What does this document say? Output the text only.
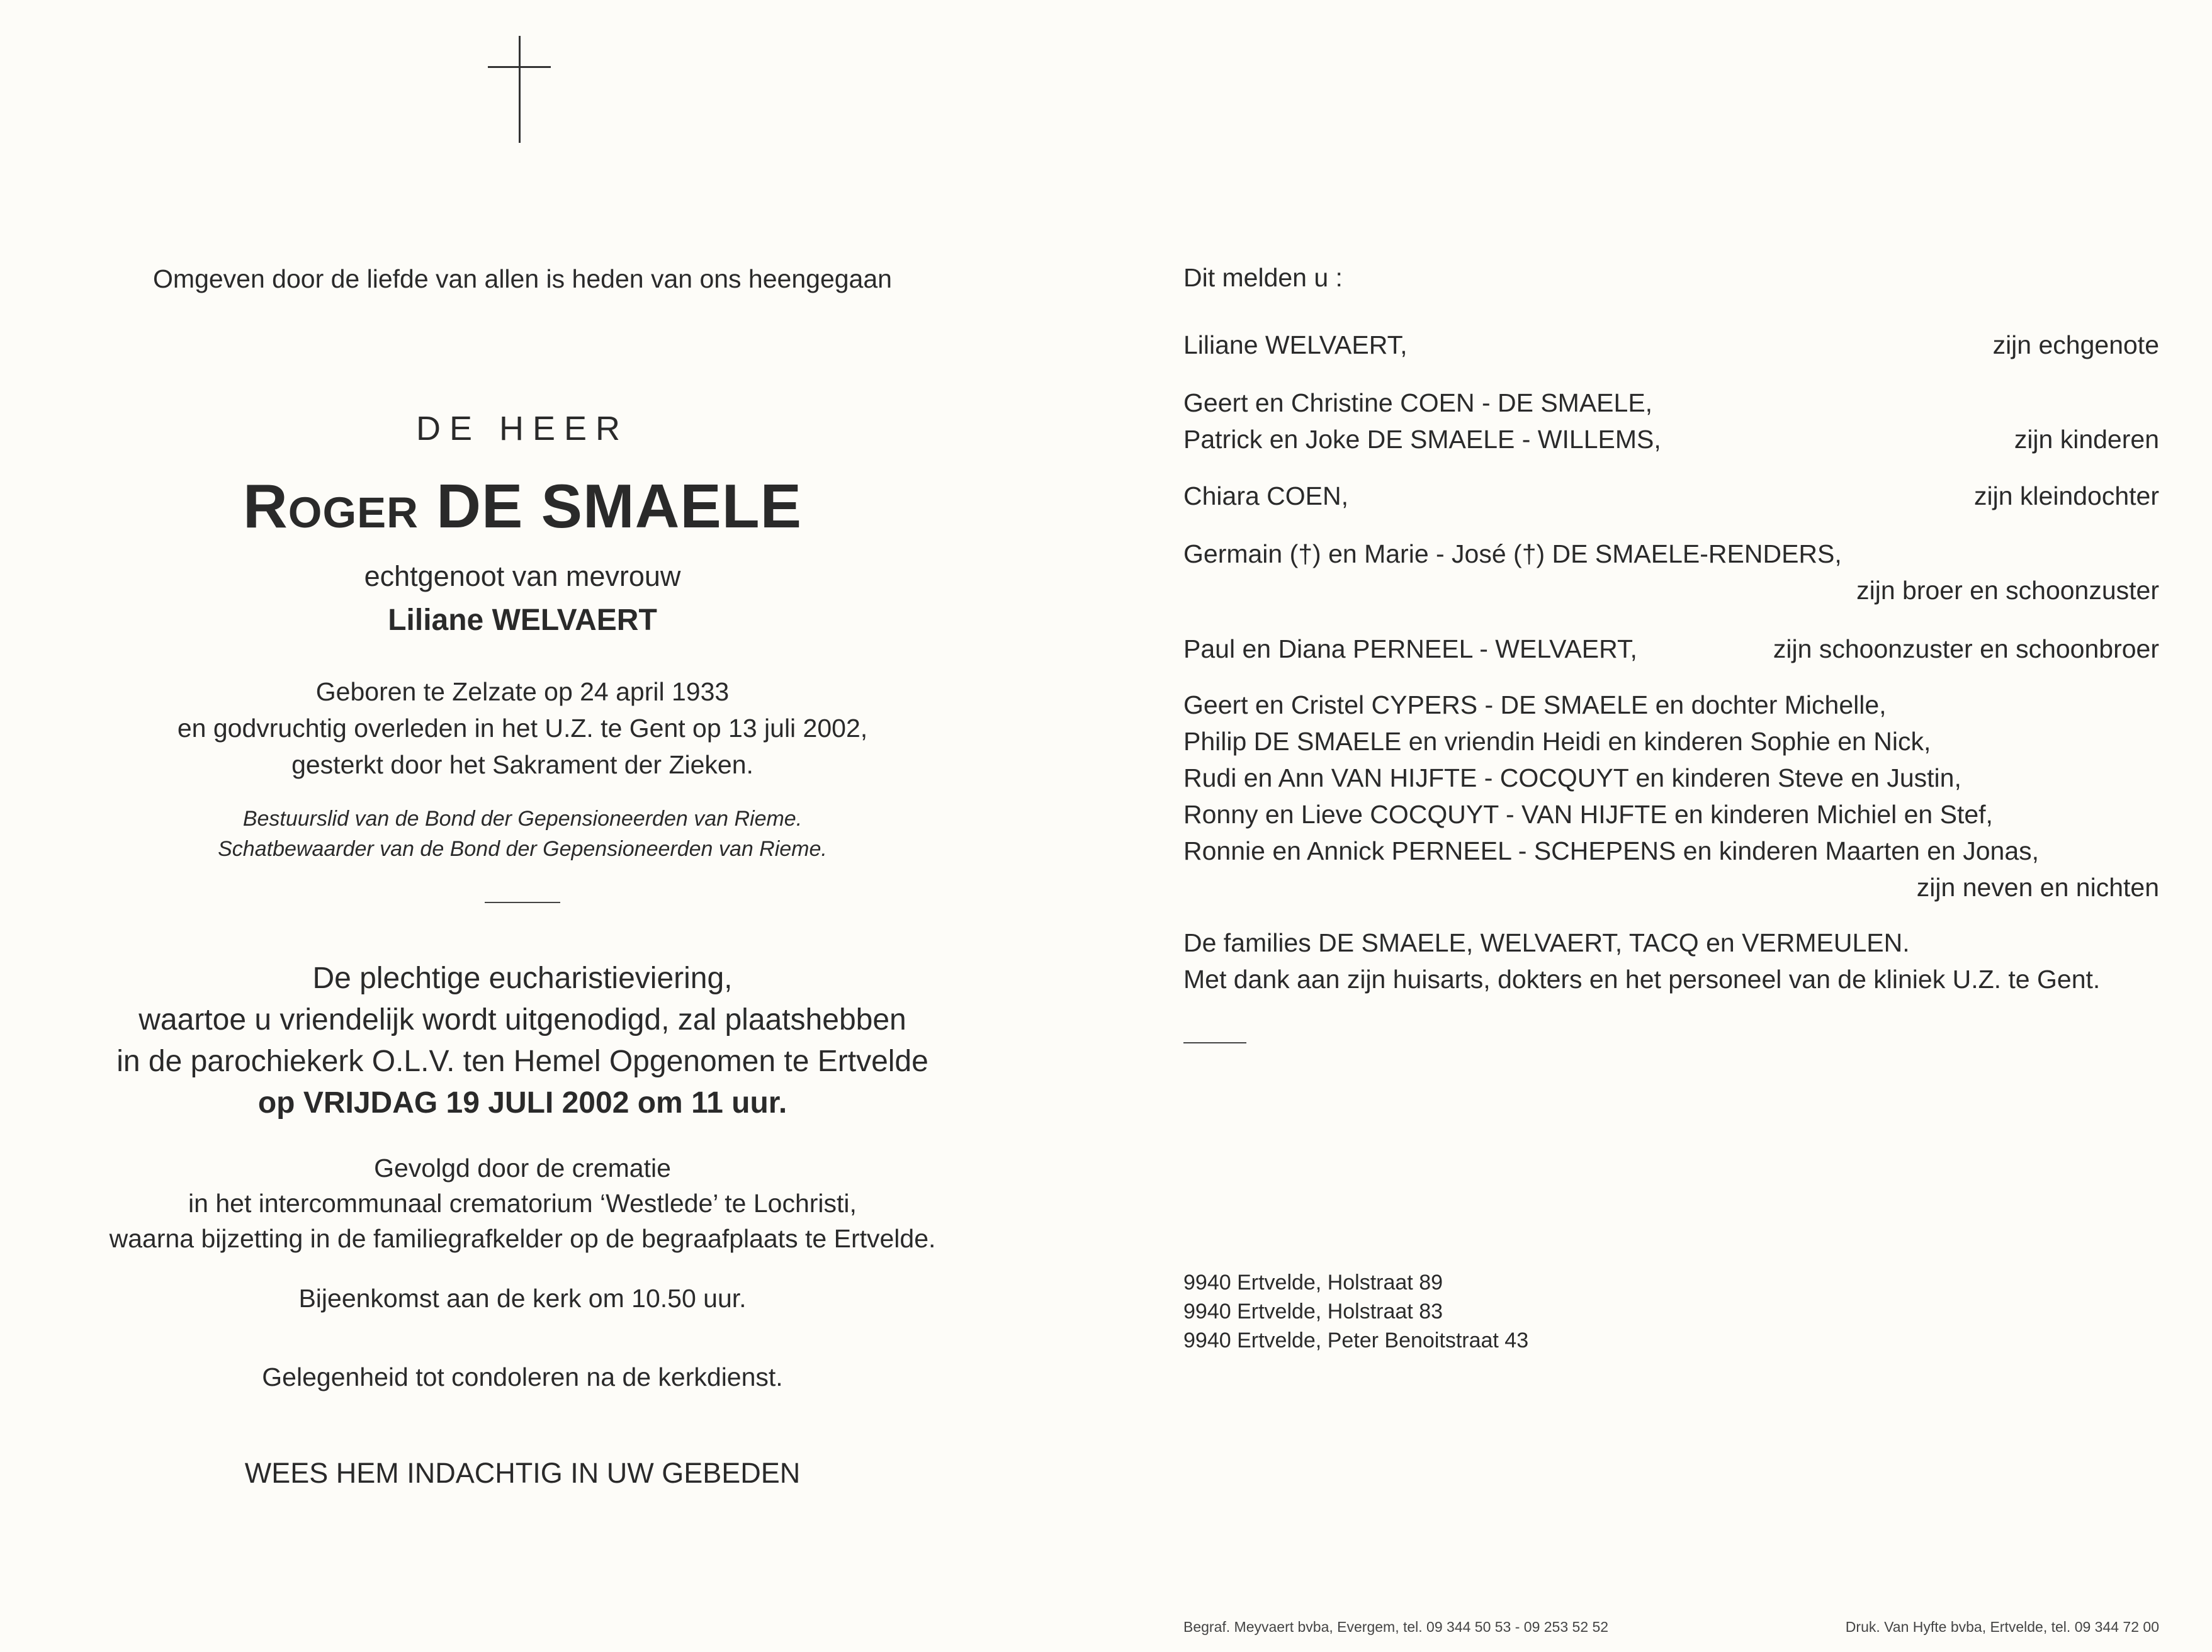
Omgeven door de liefde van allen is heden van ons heengegaan
DE HEER
Roger DE SMAELE
echtgenoot van mevrouw
Liliane WELVAERT
Geboren te Zelzate op 24 april 1933
en godvruchtig overleden in het U.Z. te Gent op 13 juli 2002,
gesterkt door het Sakrament der Zieken.
Bestuurslid van de Bond der Gepensioneerden van Rieme.
Schatbewaarder van de Bond der Gepensioneerden van Rieme.
De plechtige eucharistieviering,
waartoe u vriendelijk wordt uitgenodigd, zal plaatshebben
in de parochiekerk O.L.V. ten Hemel Opgenomen te Ertvelde
op VRIJDAG 19 JULI 2002 om 11 uur.
Gevolgd door de crematie
in het intercommunaal crematorium ‘Westlede’ te Lochristi,
waarna bijzetting in de familiegrafkelder op de begraafplaats te Ertvelde.
Bijeenkomst aan de kerk om 10.50 uur.
Gelegenheid tot condoleren na de kerkdienst.
WEES HEM INDACHTIG IN UW GEBEDEN
Dit melden u :
Liliane WELVAERT,	zijn echgenote
Geert en Christine COEN - DE SMAELE,
Patrick en Joke DE SMAELE - WILLEMS,	zijn kinderen
Chiara COEN,	zijn kleindochter
Germain (†) en Marie - José (†) DE SMAELE-RENDERS,
zijn broer en schoonzuster
Paul en Diana PERNEEL - WELVAERT,	zijn schoonzuster en schoonbroer
Geert en Cristel CYPERS - DE SMAELE en dochter Michelle,
Philip DE SMAELE en vriendin Heidi en kinderen Sophie en Nick,
Rudi en Ann VAN HIJFTE - COCQUYT en kinderen Steve en Justin,
Ronny en Lieve COCQUYT - VAN HIJFTE en kinderen Michiel en Stef,
Ronnie en Annick PERNEEL - SCHEPENS en kinderen Maarten en Jonas,
zijn neven en nichten
De families DE SMAELE, WELVAERT, TACQ en VERMEULEN.
Met dank aan zijn huisarts, dokters en het personeel van de kliniek U.Z. te Gent.
9940 Ertvelde, Holstraat 89
9940 Ertvelde, Holstraat 83
9940 Ertvelde, Peter Benoitstraat 43
Begraf. Meyvaert bvba, Evergem, tel. 09 344 50 53 - 09 253 52 52	Druk. Van Hyfte bvba, Ertvelde, tel. 09 344 72 00
